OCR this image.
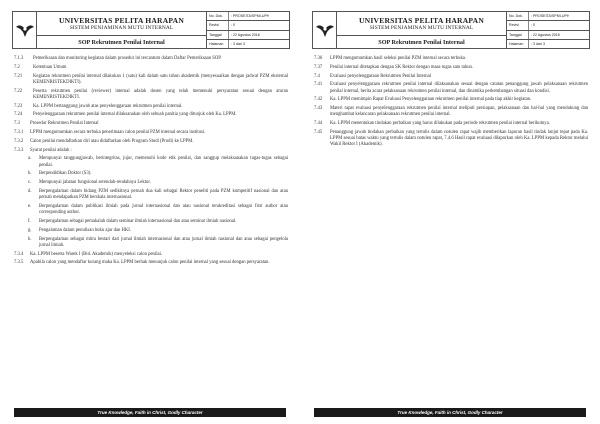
UNIVERSITAS PELITA HARAPAN
SISTEM PENJAMINAN MUTU INTERNAL
SOP Rekrutmen Penilai Internal
No. Dok.	: PROSEITA/SPMI-UPH
Revisi	: 0
Tanggal	: 22 Agustus 2016
Halaman	: 3 dari 3
7.1.3	Pemeriksaan dan monitoring kegiatan dalam prosedur ini tercantum dalam Daftar Pemeriksaan SOP.
7.2	Ketentuan Umum
7.21	Kegiatan rekrutmen penilai internal dilakukan 1 (satu) kali dalam satu tahun akademik (menyesuaikan dengan jadwal PZM eksternal KEMENRISTEKDIKTI).
7.22	Peserta rekrutmen penilai (reviewer) internal adalah dosen yang telah memenuhi persyaratan sesuai dengan aturan KEMENRISTEKDIKTI.
7.23	Ka. LPPM bertanggung jawab atas penyelenggaraan rekrutmen penilai internal.
7.24	Penyelenggaraan rekrutmen penilai internal dilaksanakan oleh sebuah panitia yang ditunjuk oleh Ka. LPPM.
7.3	Prosedur Rekrutmen Penilai Internal
7.3.1	LPPM mengumumkan secara terbuka penerimaan calon penilai PZM internal secara institusi.
7.3.2	Calon penilai mendaftarkan diri atau didaftarkan oleh Program Studi (Prodi) ke LPPM.
7.3.3	Syarat penilai adalah :
a.	Mempunyai tanggungjawab, berintegritas, jujur, memenuhi kode etik penilai, dan sanggup melaksanakan tugas-tugas sebagai penilai.
b.	Berpendidikan Doktor (S3).
c.	Mempunyai jabatan fungsional serendah-rendahnya Lektor.
d.	Berpengalaman dalam bidang PZM sedikitnya pernah dua kali sebagai Rektor peneliti pada PZM kompetitif nasional dan atau pernah mendapatkan PZM berskala internasional.
e.	Berpengalaman dalam publikasi ilmiah pada jurnal internasional dan atau nasional terakreditasi sebagai first author atau corresponding author.
f.	Berpengalaman sebagai pemakalah dalam seminar ilmiah internasional dan atau seminar ilmiah nasional.
g.	Pengalaman dalam penulisan buku ajar dan HKI.
h.	Berpengalaman sebagai mitra bestari dari jurnal ilmiah internasional dan atau jurnal ilmiah nasional dan atau sebagai pengelola jurnal ilmiah.
7.3.4	Ka. LPPM beserta Warek I (Bid. Akademik) menyeleksi calon penilai.
7.3.5	Apabila calon yang mendaftar kurang maka Ka. LPPM berhak menunjuk calon penilai internal yang sesuai dengan persyaratan.
True Knowledge, Faith in Christ, Godly Character
UNIVERSITAS PELITA HARAPAN
SISTEM PENJAMINAN MUTU INTERNAL
SOP Rekrutmen Penilai Internal
No. Dok.	: PROSEITA/SPMI-UPH
Revisi	: 0
Tanggal	: 22 Agustus 2016
Halaman	: 3 dari 3
7.36	LPPM mengumumkan hasil seleksi penilai PZM internal secara terbuka.
7.37	Penilai internal ditetapkan dengan SK Rektor dengan masa tugas satu tahun.
7.4	Evaluasi penyelenggaraan Rekrutmen Penilai Internal
7.41	Evaluasi penyelenggaraan rekrutmen penilai internal dilaksanakan sesuai dengan catatan penanggung jawab pelaksanaan rekrutmen penilai internal, berita acara pelaksanaan rekrutmen penilai internal, dan dinamika perkembangan situasi dan kondisi.
7.42	Ka. LPPM memimpin Rapat Evaluasi Penyelenggaraan rekrutmen penilai internal pada tiap akhir kegiatan.
7.43	Materi rapat evaluasi penyelenggaraan rekrutmen penilai internal meliputi persiapan, pelaksanaan dan hal-hal yang mendukung dan menghambat kelancaran pelaksanaan rekrutmen penilai internal.
7.44	Ka. LPPM menentukan tindakan perbaikan yang harus dilakukan pada periode rekrutmen penilai internal berikutnya.
7.45	Penanggung jawab tindakan perbaikan yang tertulis dalam notulen rapat wajib memberikan laporan hasil tindak lanjut tepat pada Ka. LPPM sesuai batas waktu yang tertulis dalam notulen rapat, 7.4.6 Hasil rapat evaluasi dilaporkan oleh Ka. LPPM kepada Rektor melalui Wakil Rektor I (Akademik).
True Knowledge, Faith in Christ, Godly Character
